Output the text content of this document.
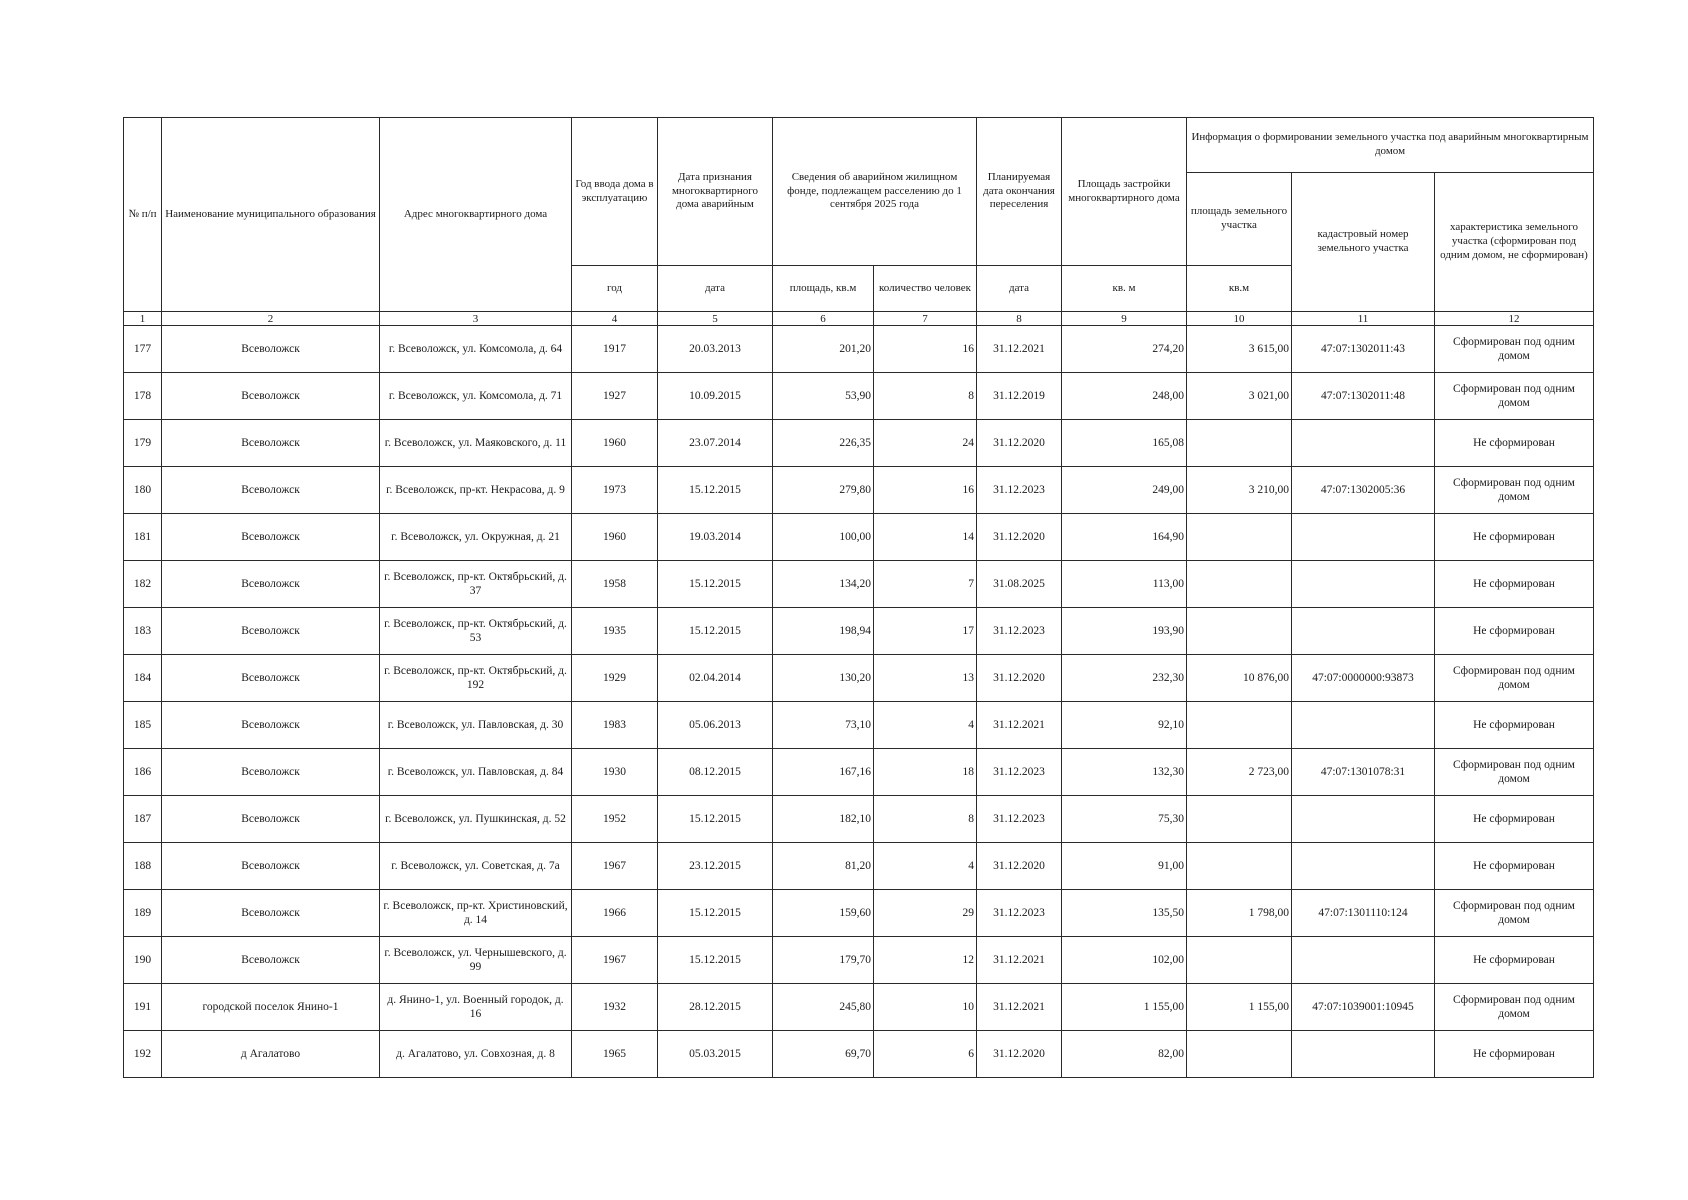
№ п/п	Наименование муниципального образования	Адрес многоквартирного дома	Год ввода дома в эксплуатацию	Дата признания многоквартирного дома аварийным	Сведения об аварийном жилищном фонде, подлежащем расселению до 1 сентября 2025 года		Планируемая дата окончания переселения	Площадь застройки многоквартирного дома	Информация о формировании земельного участка под аварийным многоквартирным домом		
									площадь земельного участка	кадастровый номер земельного участка	характеристика земельного участка (сформирован под одним домом, не сформирован)
			год	дата	площадь, кв.м	количество человек	дата	кв. м	кв.м		
1	2	3	4	5	6	7	8	9	10	11	12
177	Всеволожск	г. Всеволожск, ул. Комсомола, д. 64	1917	20.03.2013	201,20	16	31.12.2021	274,20	3 615,00	47:07:1302011:43	Сформирован под одним домом
178	Всеволожск	г. Всеволожск, ул. Комсомола, д. 71	1927	10.09.2015	53,90	8	31.12.2019	248,00	3 021,00	47:07:1302011:48	Сформирован под одним домом
179	Всеволожск	г. Всеволожск, ул. Маяковского, д. 11	1960	23.07.2014	226,35	24	31.12.2020	165,08			Не сформирован
180	Всеволожск	г. Всеволожск, пр-кт. Некрасова, д. 9	1973	15.12.2015	279,80	16	31.12.2023	249,00	3 210,00	47:07:1302005:36	Сформирован под одним домом
181	Всеволожск	г. Всеволожск, ул. Окружная, д. 21	1960	19.03.2014	100,00	14	31.12.2020	164,90			Не сформирован
182	Всеволожск	г. Всеволожск, пр-кт. Октябрьский, д. 37	1958	15.12.2015	134,20	7	31.08.2025	113,00			Не сформирован
183	Всеволожск	г. Всеволожск, пр-кт. Октябрьский, д. 53	1935	15.12.2015	198,94	17	31.12.2023	193,90			Не сформирован
184	Всеволожск	г. Всеволожск, пр-кт. Октябрьский, д. 192	1929	02.04.2014	130,20	13	31.12.2020	232,30	10 876,00	47:07:0000000:93873	Сформирован под одним домом
185	Всеволожск	г. Всеволожск, ул. Павловская, д. 30	1983	05.06.2013	73,10	4	31.12.2021	92,10			Не сформирован
186	Всеволожск	г. Всеволожск, ул. Павловская, д. 84	1930	08.12.2015	167,16	18	31.12.2023	132,30	2 723,00	47:07:1301078:31	Сформирован под одним домом
187	Всеволожск	г. Всеволожск, ул. Пушкинская, д. 52	1952	15.12.2015	182,10	8	31.12.2023	75,30			Не сформирован
188	Всеволожск	г. Всеволожск, ул. Советская, д. 7а	1967	23.12.2015	81,20	4	31.12.2020	91,00			Не сформирован
189	Всеволожск	г. Всеволожск, пр-кт. Христиновский, д. 14	1966	15.12.2015	159,60	29	31.12.2023	135,50	1 798,00	47:07:1301110:124	Сформирован под одним домом
190	Всеволожск	г. Всеволожск, ул. Чернышевского, д. 99	1967	15.12.2015	179,70	12	31.12.2021	102,00			Не сформирован
191	городской поселок Янино-1	д. Янино-1, ул. Военный городок, д. 16	1932	28.12.2015	245,80	10	31.12.2021	1 155,00	1 155,00	47:07:1039001:10945	Сформирован под одним домом
192	д Агалатово	д. Агалатово, ул. Совхозная, д. 8	1965	05.03.2015	69,70	6	31.12.2020	82,00			Не сформирован
